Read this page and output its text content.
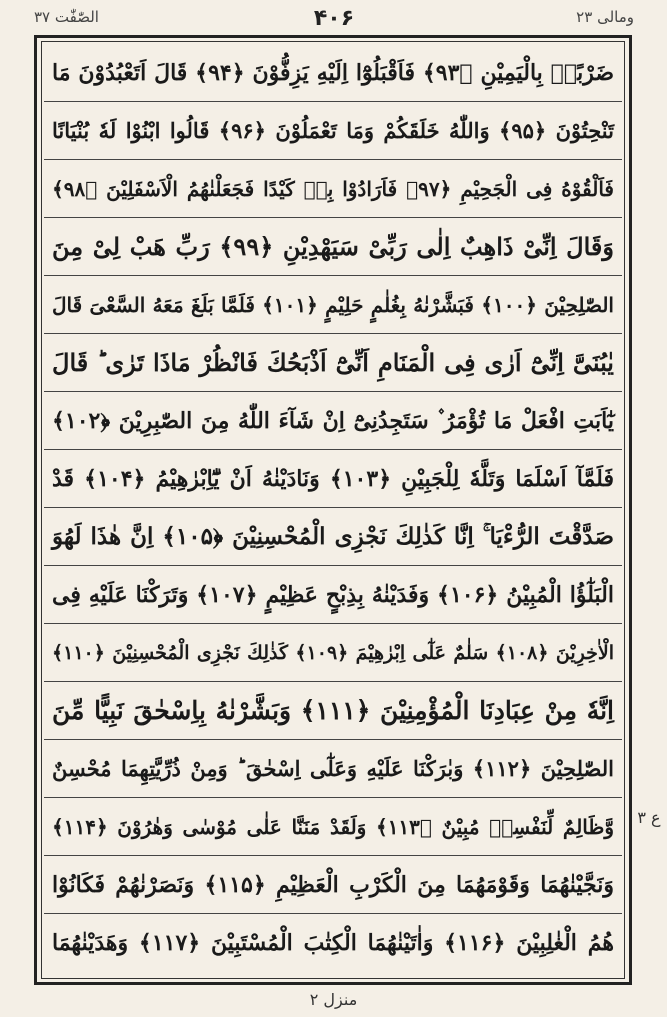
ومالی ۲۳
۴۰۶
الصّٰفّٰت ۳۷
ضَرْبًاۢ بِالْيَمِيْنِ ﴿۹۳﴾ فَاَقْبَلُوْٓا اِلَيْهِ يَزِفُّوْنَ ﴿۹۴﴾ قَالَ اَتَعْبُدُوْنَ مَا
تَنْحِتُوْنَ ﴿۹۵﴾ وَاللّٰهُ خَلَقَكُمْ وَمَا تَعْمَلُوْنَ ﴿۹۶﴾ قَالُوا ابْنُوْا لَهٗ بُنْيَانًا
فَاَلْقُوْهُ فِى الْجَحِيْمِ ﴿۹۷﴾ فَاَرَادُوْا بِهٖ كَيْدًا فَجَعَلْنٰهُمُ الْاَسْفَلِيْنَ ﴿۹۸﴾
وَقَالَ اِنِّىْ ذَاهِبٌ اِلٰى رَبِّىْ سَيَهْدِيْنِ ﴿۹۹﴾ رَبِّ هَبْ لِىْ مِنَ
الصّٰلِحِيْنَ ﴿۱۰۰﴾ فَبَشَّرْنٰهُ بِغُلٰمٍ حَلِيْمٍ ﴿۱۰۱﴾ فَلَمَّا بَلَغَ مَعَهُ السَّعْىَ قَالَ
يٰبُنَىَّ اِنِّىْٓ اَرٰى فِى الْمَنَامِ اَنِّىْٓ اَذْبَحُكَ فَانْظُرْ مَاذَا تَرٰى ؕ قَالَ
يٰٓاَبَتِ افْعَلْ مَا تُؤْمَرُ ۫ سَتَجِدُنِىْٓ اِنْ شَآءَ اللّٰهُ مِنَ الصّٰبِرِيْنَ ﴿۱۰۲﴾
فَلَمَّآ اَسْلَمَا وَتَلَّهٗ لِلْجَبِيْنِ ﴿۱۰۳﴾ وَنَادَيْنٰهُ اَنْ يّٰٓاِبْرٰهِيْمُ ﴿۱۰۴﴾ قَدْ
صَدَّقْتَ الرُّءْيَا ۚ اِنَّا كَذٰلِكَ نَجْزِى الْمُحْسِنِيْنَ ﴿۱۰۵﴾ اِنَّ هٰذَا لَهُوَ
الْبَلٰٓؤُا الْمُبِيْنُ ﴿۱۰۶﴾ وَفَدَيْنٰهُ بِذِبْحٍ عَظِيْمٍ ﴿۱۰۷﴾ وَتَرَكْنَا عَلَيْهِ فِى
الْاٰخِرِيْنَ ﴿۱۰۸﴾ سَلٰمٌ عَلٰٓى اِبْرٰهِيْمَ ﴿۱۰۹﴾ كَذٰلِكَ نَجْزِى الْمُحْسِنِيْنَ ﴿۱۱۰﴾
اِنَّهٗ مِنْ عِبَادِنَا الْمُؤْمِنِيْنَ ﴿۱۱۱﴾ وَبَشَّرْنٰهُ بِاِسْحٰقَ نَبِيًّا مِّنَ
الصّٰلِحِيْنَ ﴿۱۱۲﴾ وَبٰرَكْنَا عَلَيْهِ وَعَلٰٓى اِسْحٰقَ ؕ وَمِنْ ذُرِّيَّتِهِمَا مُحْسِنٌ
وَّظَالِمٌ لِّنَفْسِهٖ مُبِيْنٌ ﴿۱۱۳﴾ وَلَقَدْ مَنَنَّا عَلٰى مُوْسٰى وَهٰرُوْنَ ﴿۱۱۴﴾
وَنَجَّيْنٰهُمَا وَقَوْمَهُمَا مِنَ الْكَرْبِ الْعَظِيْمِ ﴿۱۱۵﴾ وَنَصَرْنٰهُمْ فَكَانُوْا
هُمُ الْغٰلِبِيْنَ ﴿۱۱۶﴾ وَاٰتَيْنٰهُمَا الْكِتٰبَ الْمُسْتَبِيْنَ ﴿۱۱۷﴾ وَهَدَيْنٰهُمَا
ع ۳
منزل ۲
